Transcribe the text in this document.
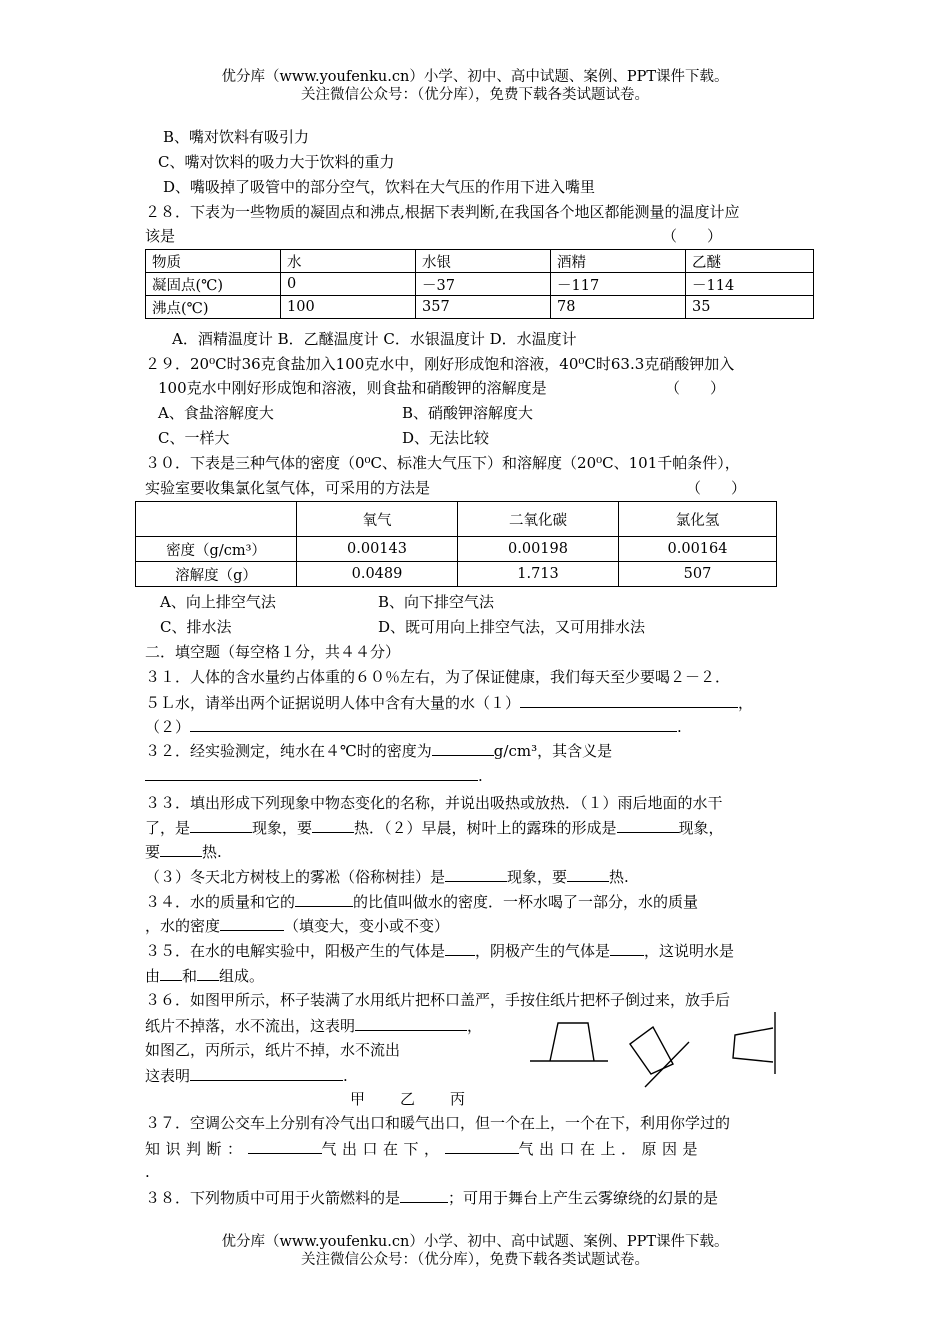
优分库（www.youfenku.cn）小学、初中、高中试题、案例、PPT课件下载。
关注微信公众号：（优分库），免费下载各类试题试卷。
B、嘴对饮料有吸引力
C、嘴对饮料的吸力大于饮料的重力
D、嘴吸掉了吸管中的部分空气，饮料在大气压的作用下进入嘴里
２８．下表为一些物质的凝固点和沸点,根据下表判断,在我国各个地区都能测量的温度计应
该是	（　　）
物质	水	水银	酒精	乙醚
凝固点(℃)	0	－37	－117	－114
沸点(℃)	100	357	78	35
A．酒精温度计 B．乙醚温度计 C．水银温度计 D．水温度计
２９．20⁰C时36克食盐加入100克水中，刚好形成饱和溶液，40⁰C时63.3克硝酸钾加入
100克水中刚好形成饱和溶液，则食盐和硝酸钾的溶解度是	（　　）
A、食盐溶解度大	B、硝酸钾溶解度大
C、一样大	D、无法比较
３０．下表是三种气体的密度（0⁰C、标准大气压下）和溶解度（20⁰C、101千帕条件），
实验室要收集氯化氢气体，可采用的方法是	（　　）
	氧气	二氧化碳	氯化氢
密度（g/cm³）	0.00143	0.00198	0.00164
溶解度（g）	0.0489	1.713	507
A、向上排空气法	B、向下排空气法
C、排水法	D、既可用向上排空气法，又可用排水法
二．填空题（每空格１分，共４４分）
３１．人体的含水量约占体重的６０％左右，为了保证健康，我们每天至少要喝２－２．
５Ｌ水，请举出两个证据说明人体中含有大量的水（１）	，
（２）	.
３２．经实验测定，纯水在４℃时的密度为	g/cm³，其含义是
.
３３．填出形成下列现象中物态变化的名称，并说出吸热或放热．（１）雨后地面的水干
了，是	现象，要	热．（２）早晨，树叶上的露珠的形成是	现象，
要	热.
（３）冬天北方树枝上的雾凇（俗称树挂）是	现象，要	热.
３４．水的质量和它的	的比值叫做水的密度．一杯水喝了一部分，水的质量
，水的密度	（填变大，变小或不变）
３５．在水的电解实验中，阳极产生的气体是 ，阴极产生的气体是 ，这说明水是
由 和 组成。
３６．如图甲所示，杯子装满了水用纸片把杯口盖严，手按住纸片把杯子倒过来，放手后
纸片不掉落，水不流出，这表明	，
如图乙，丙所示，纸片不掉，水不流出
这表明	.
甲 乙 丙
３７．空调公交车上分别有冷气出口和暖气出口，但一个在上，一个在下，利用你学过的
知识判断：	气出口在下，	气出口在上．原因是
.
３８．下列物质中可用于火箭燃料的是	；可用于舞台上产生云雾缭绕的幻景的是
优分库（www.youfenku.cn）小学、初中、高中试题、案例、PPT课件下载。
关注微信公众号：（优分库），免费下载各类试题试卷。
